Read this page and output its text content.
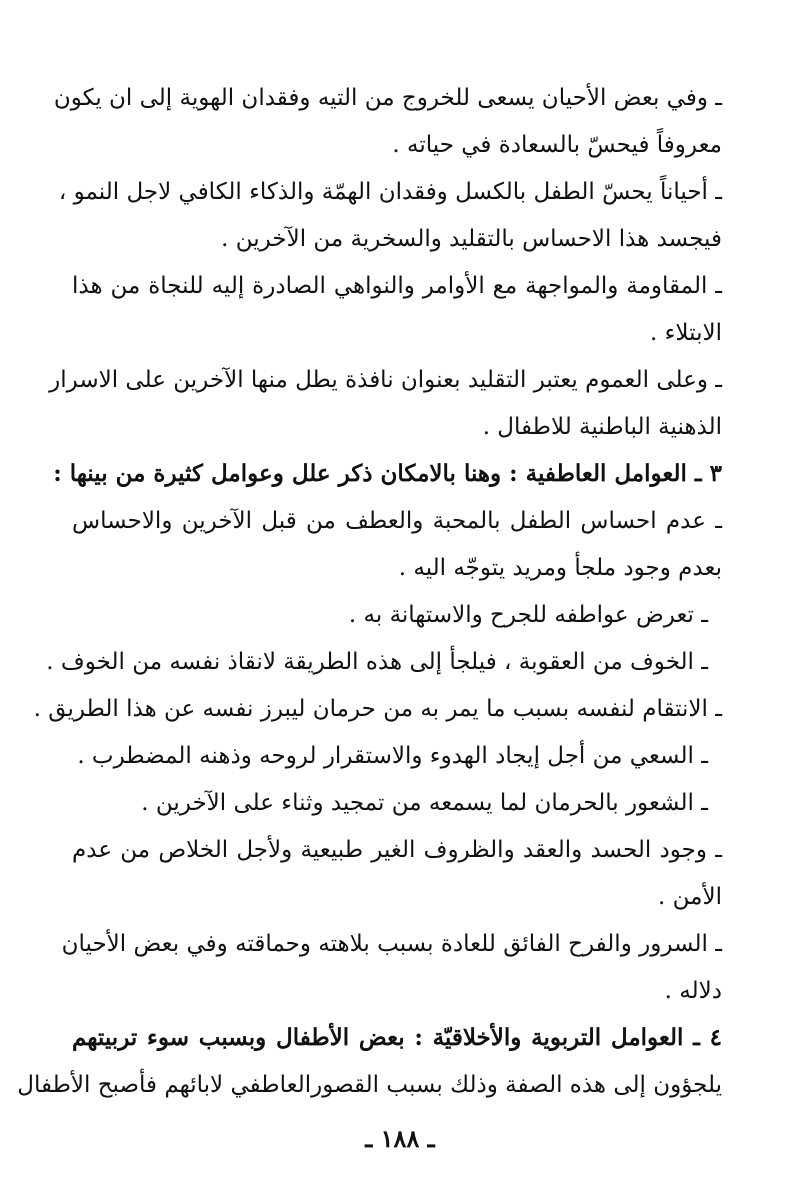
ـ وفي بعض الأحيان يسعى للخروج من التيه وفقدان الهوية إلى ان يكون
معروفاً فيحسّ بالسعادة في حياته .
ـ أحياناً يحسّ الطفل بالكسل وفقدان الهمّة والذكاء الكافي لاجل النمو ،
فيجسد هذا الاحساس بالتقليد والسخرية من الآخرين .
ـ المقاومة والمواجهة مع الأوامر والنواهي الصادرة إليه للنجاة من هذا
الابتلاء .
ـ وعلى العموم يعتبر التقليد بعنوان نافذة يطل منها الآخرين على الاسرار
الذهنية الباطنية للاطفال .
٣ ـ العوامل العاطفية : وهنا بالامكان ذكر علل وعوامل كثيرة من بينها :
ـ عدم احساس الطفل بالمحبة والعطف من قبل الآخرين والاحساس
بعدم وجود ملجأ ومريد يتوجّه اليه .
ـ تعرض عواطفه للجرح والاستهانة به .
ـ الخوف من العقوبة ، فيلجأ إلى هذه الطريقة لانقاذ نفسه من الخوف .
ـ الانتقام لنفسه بسبب ما يمر به من حرمان ليبرز نفسه عن هذا الطريق .
ـ السعي من أجل إيجاد الهدوء والاستقرار لروحه وذهنه المضطرب .
ـ الشعور بالحرمان لما يسمعه من تمجيد وثناء على الآخرين .
ـ وجود الحسد والعقد والظروف الغير طبيعية ولأجل الخلاص من عدم
الأمن .
ـ السرور والفرح الفائق للعادة بسبب بلاهته وحماقته وفي بعض الأحيان
دلاله .
٤ ـ العوامل التربوية والأخلاقيّة : بعض الأطفال وبسبب سوء تربيتهم
يلجؤون إلى هذه الصفة وذلك بسبب القصورالعاطفي لابائهم فأصبح الأطفال
ـ ١٨٨ ـ
